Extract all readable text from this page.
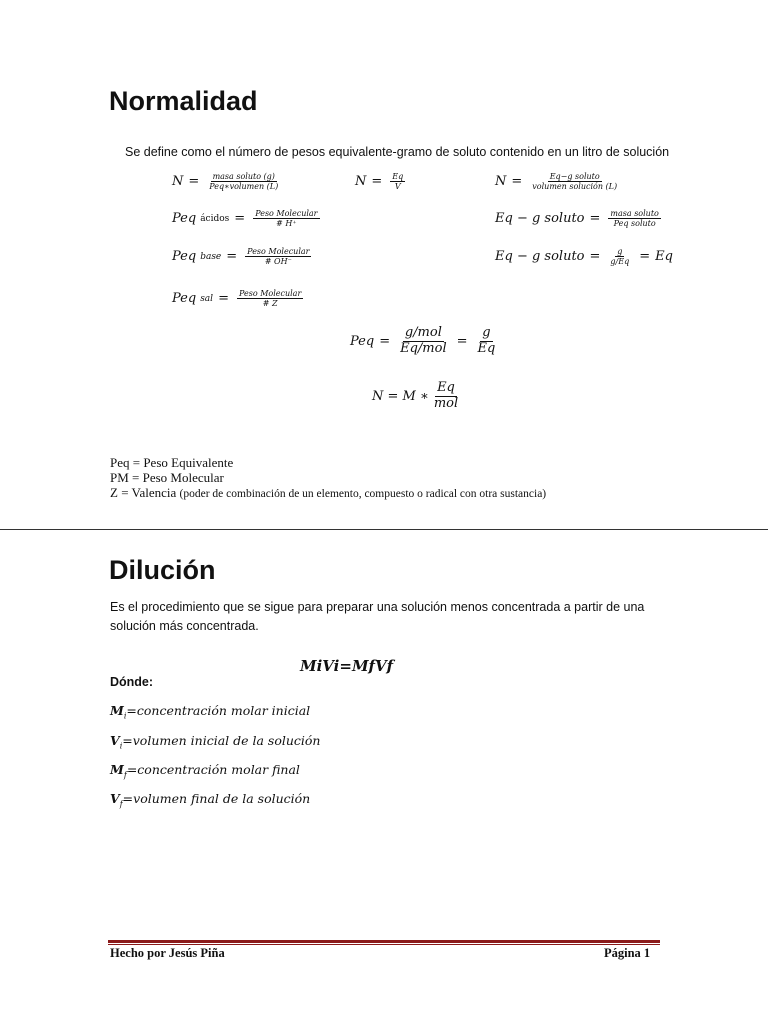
Normalidad
Se define como el número de pesos equivalente-gramo de soluto contenido en un litro de solución
$N = \frac{\text{masa soluto (g)}}{\text{Peq∗volumen (L)}}$	$N = \frac{Eq}{V}$	$N = \frac{\text{Eq−g soluto}}{\text{volumen solución (L)}}$
Peq ácidos = $\frac{\text{Peso Molecular}}{\# H^+}$	Eq − g soluto = $\frac{\text{masa soluto}}{\text{Peq soluto}}$
Peq base = $\frac{\text{Peso Molecular}}{\# OH^-}$	Eq − g soluto = $\frac{g}{g/Eq} = Eq$
Peq sal = $\frac{\text{Peso Molecular}}{\# Z}$
Peq = $\frac{\text{g/mol}}{\text{Eq/mol}} = \frac{g}{Eq}$
N = M ∗ $\frac{Eq}{\text{mol}}$
Peq = Peso Equivalente
PM = Peso Molecular
Z = Valencia (poder de combinación de un elemento, compuesto o radical con otra sustancia)
Dilución
Es el procedimiento que se sigue para preparar una solución menos concentrada a partir de una solución más concentrada.
MiVi=MfVf
Dónde:
$M_i=concentración$ molar inicial
$V_i=volumen$ inicial de la solución
$M_f=concentración$ molar final
$V_f=volumen$ final de la solución
Hecho por Jesús Piña	Página 1
